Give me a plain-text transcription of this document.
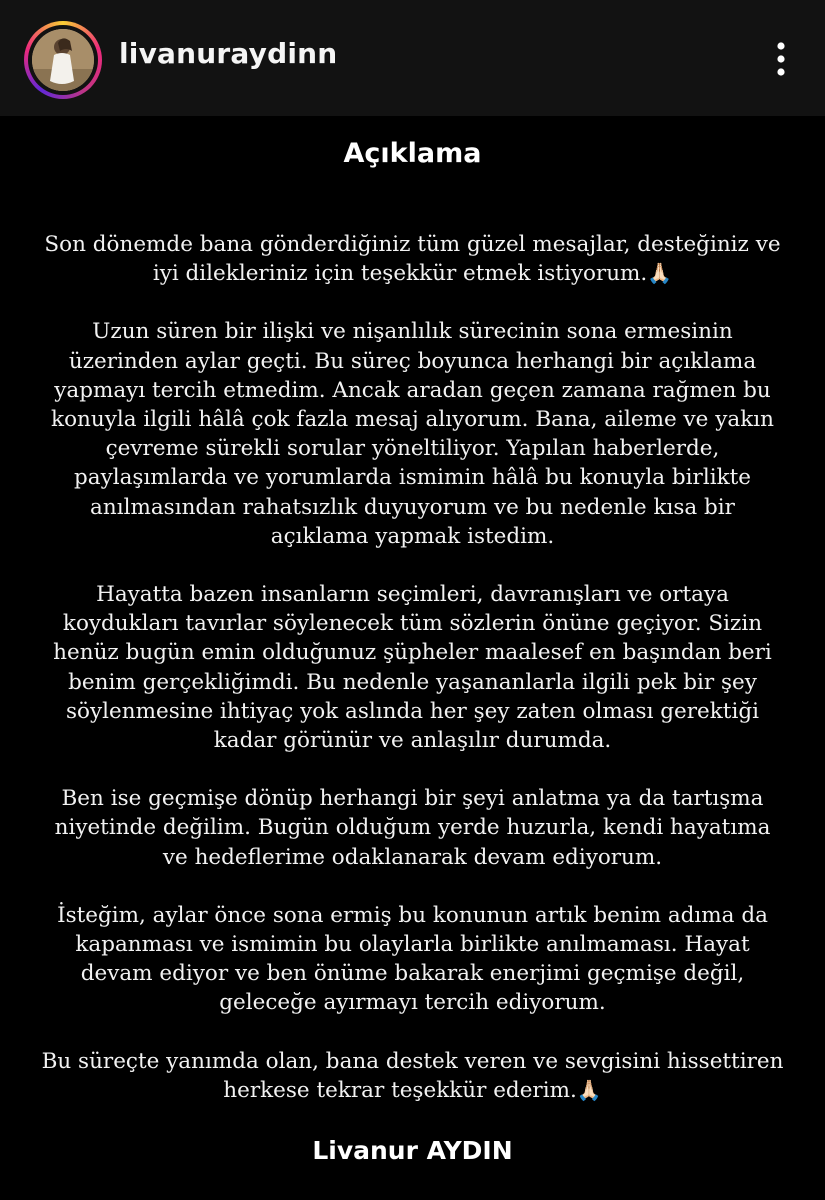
livanuraydinn
Açıklama

Son dönemde bana gönderdiğiniz tüm güzel mesajlar, desteğiniz ve
iyi dilekleriniz için teşekkür etmek istiyorum.🙏🏻

Uzun süren bir ilişki ve nişanlılık sürecinin sona ermesinin
üzerinden aylar geçti. Bu süreç boyunca herhangi bir açıklama
yapmayı tercih etmedim. Ancak aradan geçen zamana rağmen bu
konuyla ilgili hâlâ çok fazla mesaj alıyorum. Bana, aileme ve yakın
çevreme sürekli sorular yöneltiliyor. Yapılan haberlerde,
paylaşımlarda ve yorumlarda ismimin hâlâ bu konuyla birlikte
anılmasından rahatsızlık duyuyorum ve bu nedenle kısa bir
açıklama yapmak istedim.

Hayatta bazen insanların seçimleri, davranışları ve ortaya
koydukları tavırlar söylenecek tüm sözlerin önüne geçiyor. Sizin
henüz bugün emin olduğunuz şüpheler maalesef en başından beri
benim gerçekliğimdi. Bu nedenle yaşananlarla ilgili pek bir şey
söylenmesine ihtiyaç yok aslında her şey zaten olması gerektiği
kadar görünür ve anlaşılır durumda.

Ben ise geçmişe dönüp herhangi bir şeyi anlatma ya da tartışma
niyetinde değilim. Bugün olduğum yerde huzurla, kendi hayatıma
ve hedeflerime odaklanarak devam ediyorum.

İsteğim, aylar önce sona ermiş bu konunun artık benim adıma da
kapanması ve ismimin bu olaylarla birlikte anılmaması. Hayat
devam ediyor ve ben önüme bakarak enerjimi geçmişe değil,
geleceğe ayırmayı tercih ediyorum.

Bu süreçte yanımda olan, bana destek veren ve sevgisini hissettiren
herkese tekrar teşekkür ederim.🙏🏻

Livanur AYDIN
